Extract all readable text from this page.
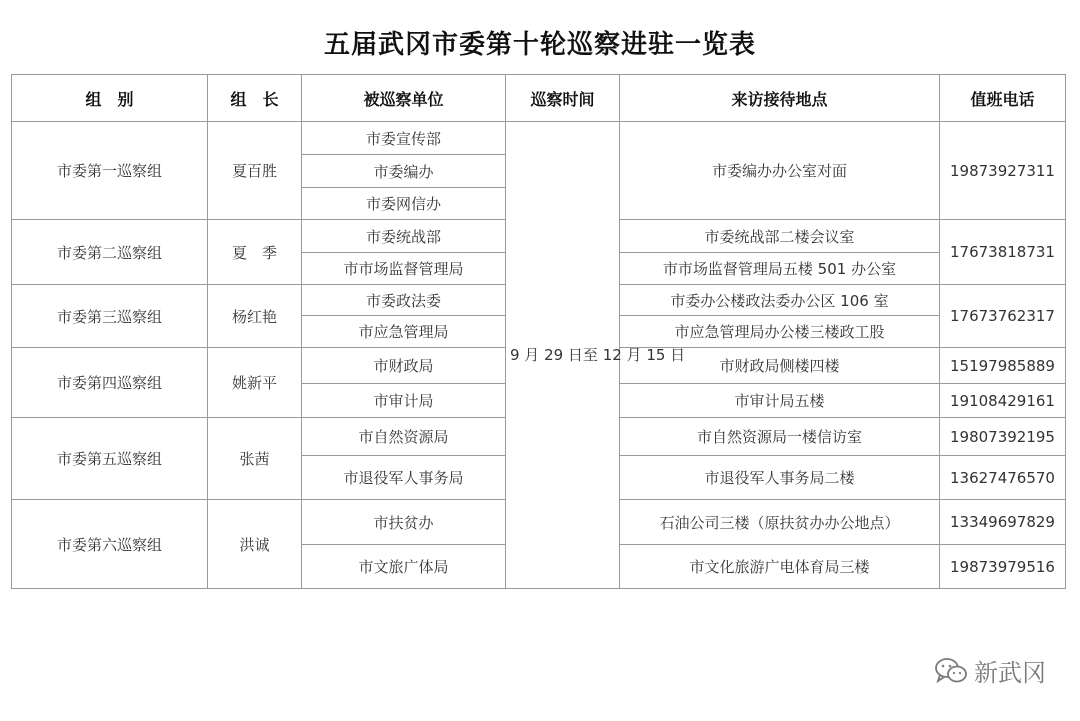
五届武冈市委第十轮巡察进驻一览表
组　别	组　长	被巡察单位	巡察时间	来访接待地点	值班电话
市委第一巡察组	夏百胜	市委宣传部	9 月 29 日至 12 月 15 日	市委编办办公室对面	19873927311
		市委编办			
		市委网信办			
市委第二巡察组	夏　季	市委统战部		市委统战部二楼会议室	17673818731
		市市场监督管理局		市市场监督管理局五楼 501 办公室	
市委第三巡察组	杨红艳	市委政法委		市委办公楼政法委办公区 106 室	17673762317
		市应急管理局		市应急管理局办公楼三楼政工股	
市委第四巡察组	姚新平	市财政局		市财政局侧楼四楼	15197985889
		市审计局		市审计局五楼	19108429161
市委第五巡察组	张茜	市自然资源局		市自然资源局一楼信访室	19807392195
		市退役军人事务局		市退役军人事务局二楼	13627476570
市委第六巡察组	洪诚	市扶贫办		石油公司三楼（原扶贫办办公地点）	13349697829
		市文旅广体局		市文化旅游广电体育局三楼	19873979516
新武冈
